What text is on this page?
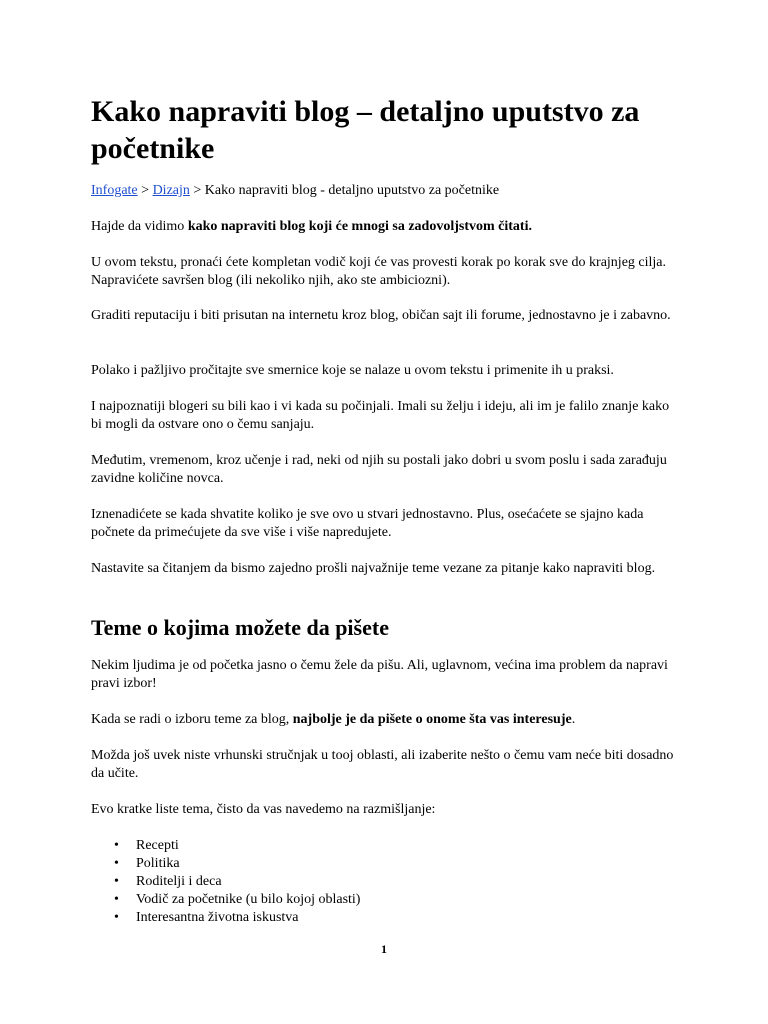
Kako napraviti blog – detaljno uputstvo za početnike
Infogate > Dizajn > Kako napraviti blog - detaljno uputstvo za početnike

Hajde da vidimo kako napraviti blog koji će mnogi sa zadovoljstvom čitati.

U ovom tekstu, pronaći ćete kompletan vodič koji će vas provesti korak po korak sve do krajnjeg cilja. Napravićete savršen blog (ili nekoliko njih, ako ste ambiciozni).

Graditi reputaciju i biti prisutan na internetu kroz blog, običan sajt ili forume, jednostavno je i zabavno.

Polako i pažljivo pročitajte sve smernice koje se nalaze u ovom tekstu i primenite ih u praksi.

I najpoznatiji blogeri su bili kao i vi kada su počinjali. Imali su želju i ideju, ali im je falilo znanje kako bi mogli da ostvare ono o čemu sanjaju.

Međutim, vremenom, kroz učenje i rad, neki od njih su postali jako dobri u svom poslu i sada zarađuju zavidne količine novca.

Iznenadićete se kada shvatite koliko je sve ovo u stvari jednostavno. Plus, osećaćete se sjajno kada počnete da primećujete da sve više i više napredujete.

Nastavite sa čitanjem da bismo zajedno prošli najvažnije teme vezane za pitanje kako napraviti blog.

Teme o kojima možete da pišete

Nekim ljudima je od početka jasno o čemu žele da pišu. Ali, uglavnom, većina ima problem da napravi pravi izbor!

Kada se radi o izboru teme za blog, najbolje je da pišete o onome šta vas interesuje.

Možda još uvek niste vrhunski stručnjak u tooj oblasti, ali izaberite nešto o čemu vam neće biti dosadno da učite.

Evo kratke liste tema, čisto da vas navedemo na razmišljanje:

• Recepti
• Politika
• Roditelji i deca
• Vodič za početnike (u bilo kojoj oblasti)
• Interesantna životna iskustva
1
